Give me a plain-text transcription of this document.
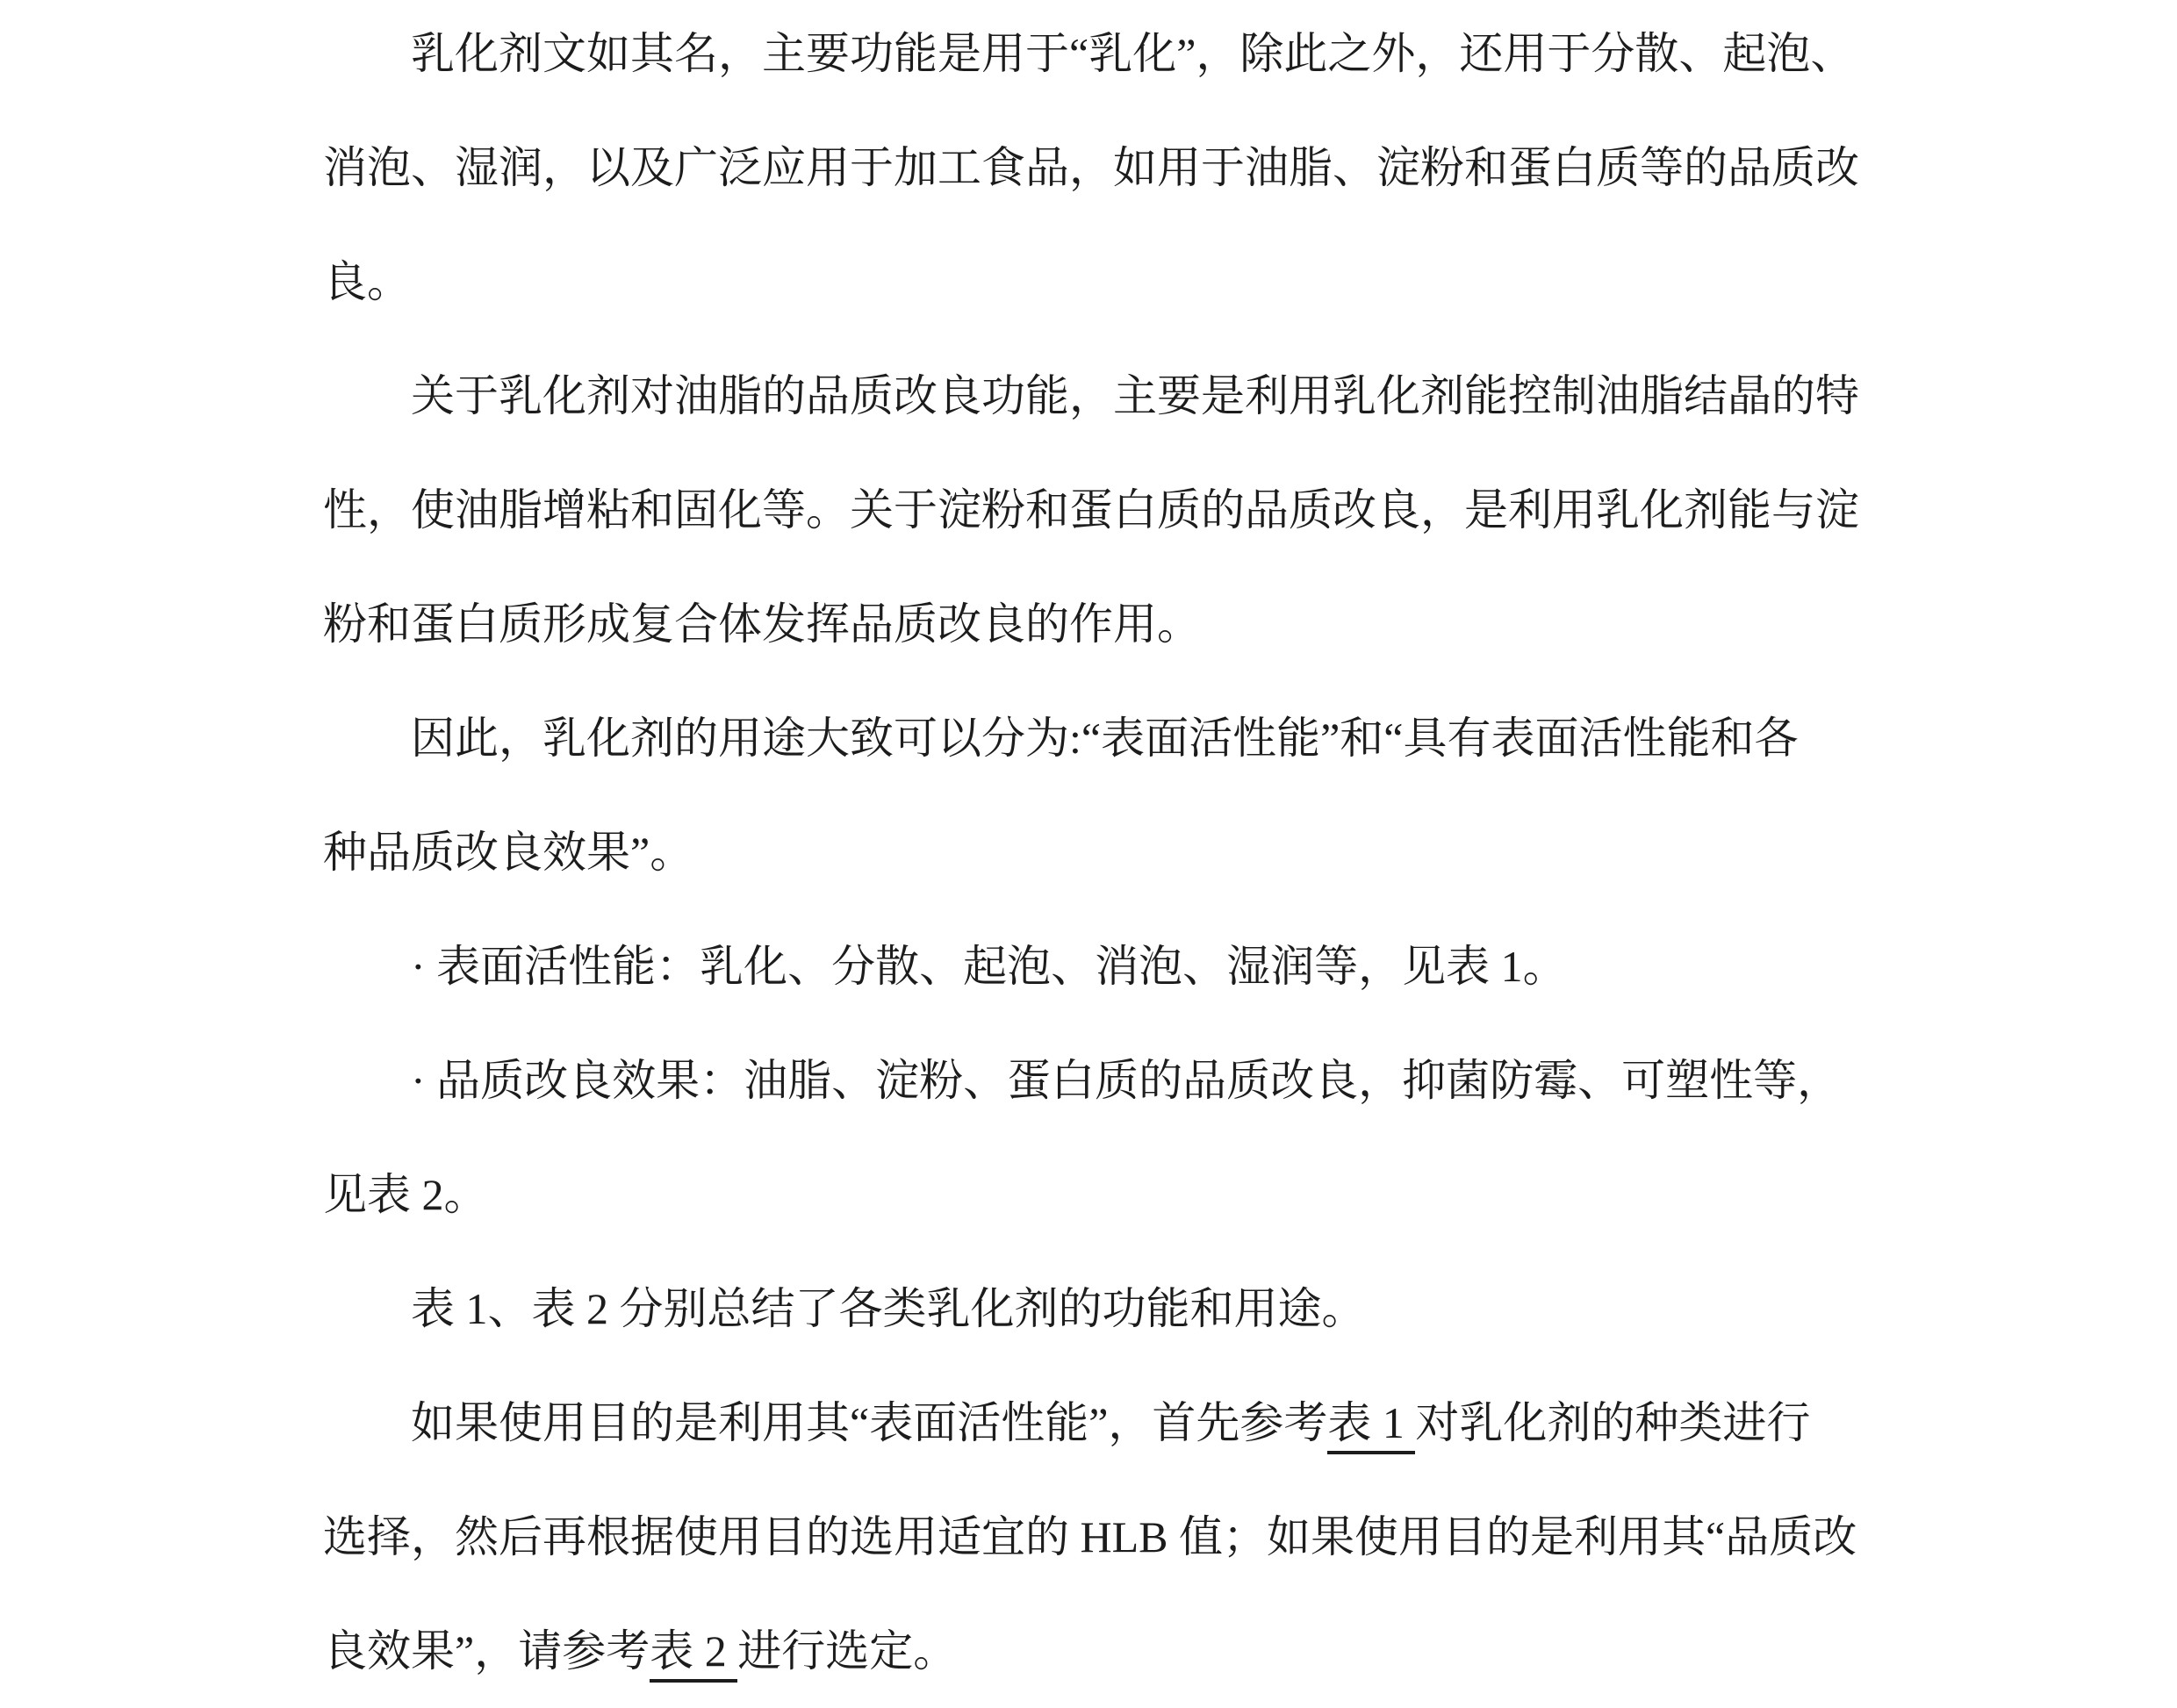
乳化剂文如其名，主要功能是用于“乳化”，除此之外，还用于分散、起泡、
消泡、湿润，以及广泛应用于加工食品，如用于油脂、淀粉和蛋白质等的品质改
良。
关于乳化剂对油脂的品质改良功能，主要是利用乳化剂能控制油脂结晶的特
性，使油脂增粘和固化等。关于淀粉和蛋白质的品质改良，是利用乳化剂能与淀
粉和蛋白质形成复合体发挥品质改良的作用。
因此，乳化剂的用途大致可以分为:“表面活性能”和“具有表面活性能和各
种品质改良效果”。
· 表面活性能：乳化、分散、起泡、消泡、湿润等，见表 1。
· 品质改良效果：油脂、淀粉、蛋白质的品质改良，抑菌防霉、可塑性等，
见表 2。
表 1、表 2 分别总结了各类乳化剂的功能和用途。
如果使用目的是利用其“表面活性能”，首先参考表 1 对乳化剂的种类进行
选择，然后再根据使用目的选用适宜的 HLB 值；如果使用目的是利用其“品质改
良效果”，请参考表 2 进行选定。
